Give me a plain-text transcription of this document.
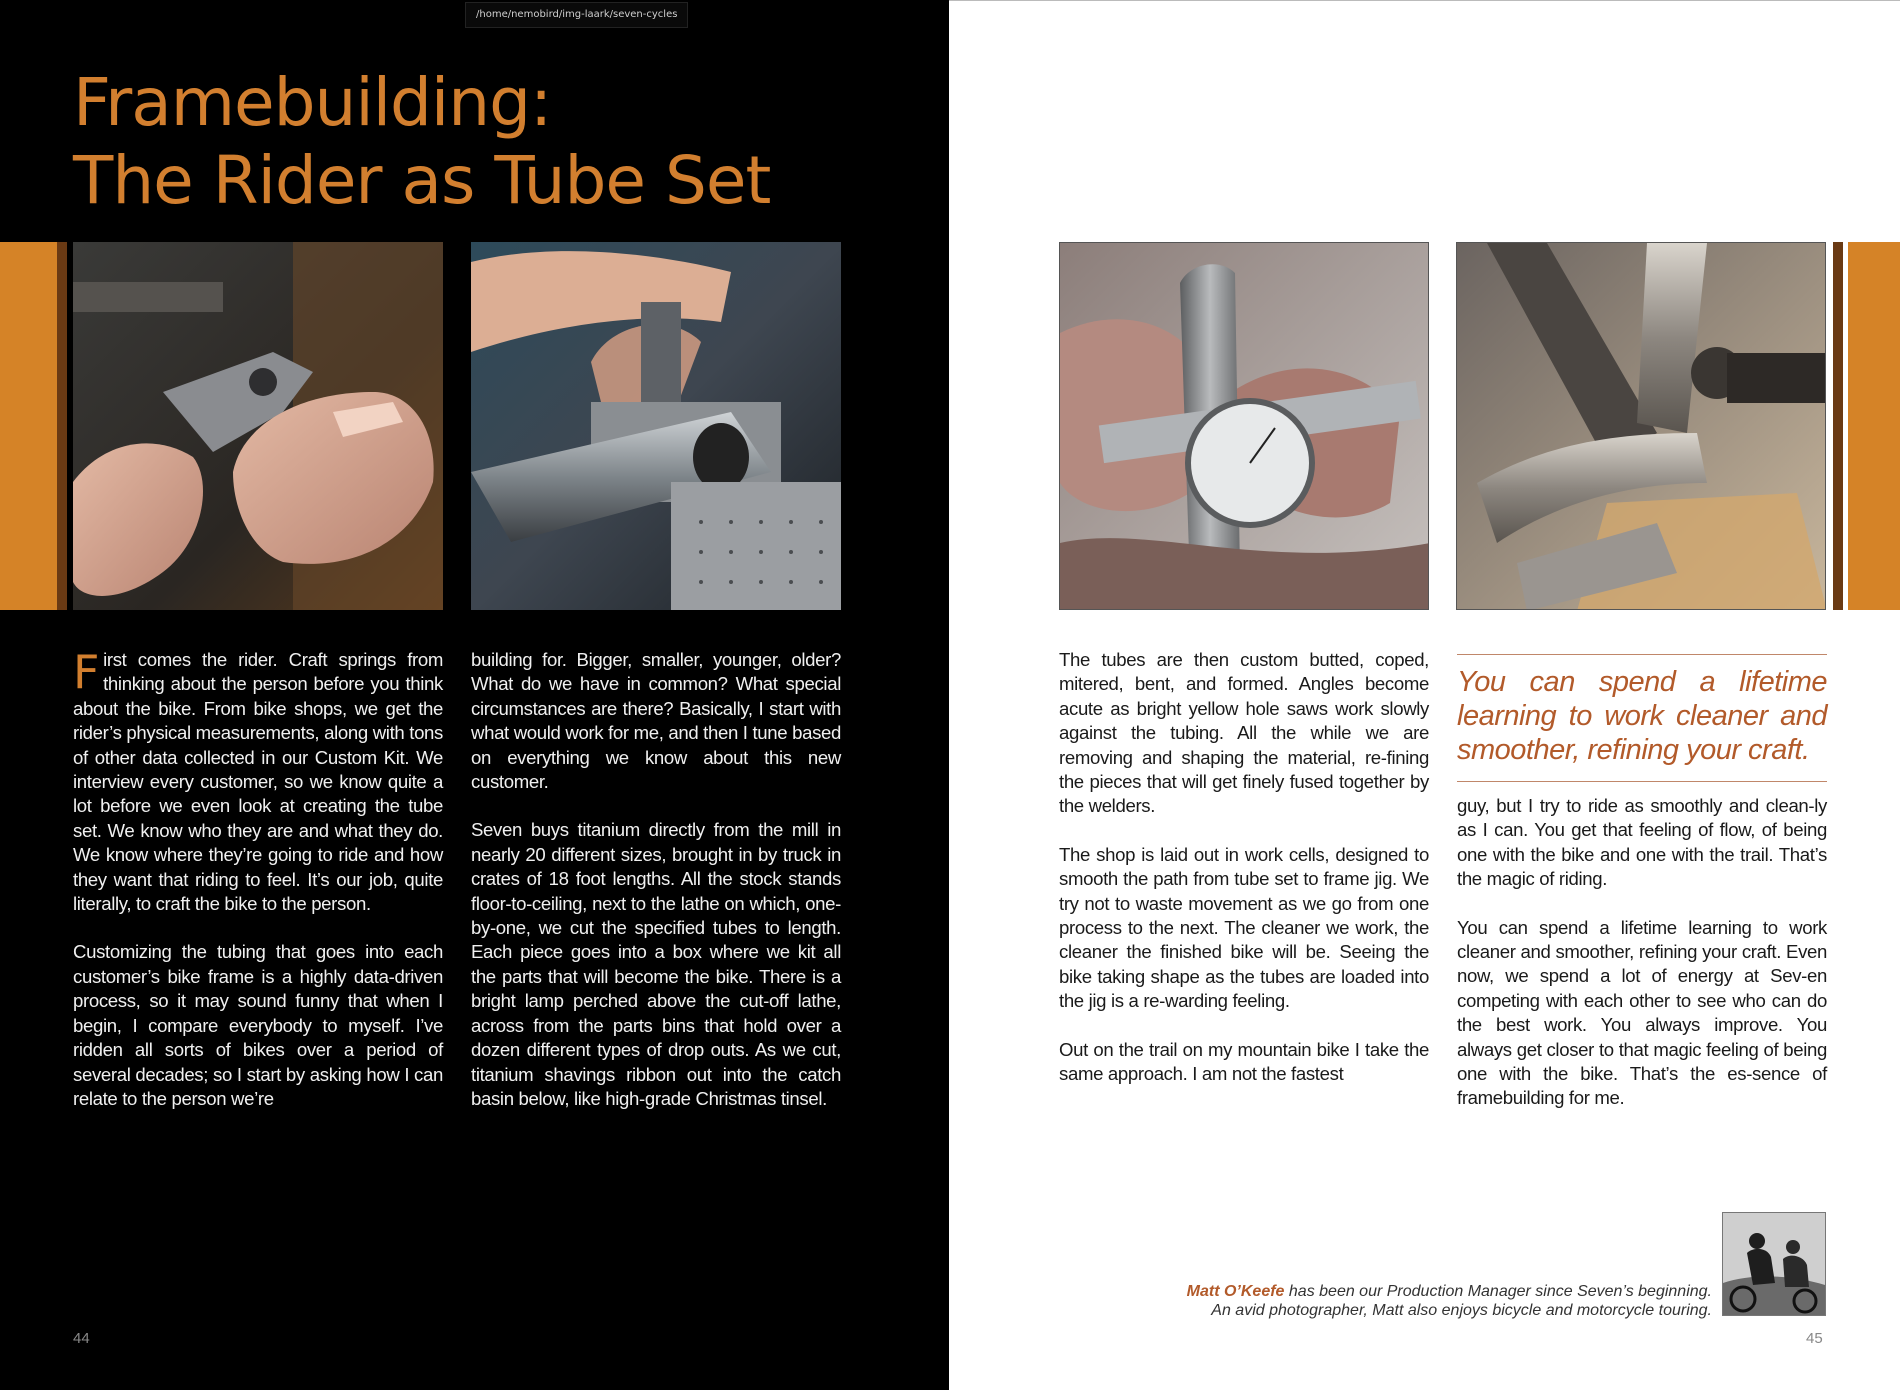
/home/nemobird/img-laark/seven-cycles
Framebuilding:
The Rider as Tube Set

First comes the rider. Craft springs from thinking about the person before you think about the bike. From bike shops, we get the rider’s physical measurements, along with tons of other data collected in our Custom Kit. We interview every customer, so we know quite a lot before we even look at creating the tube set. We know who they are and what they do. We know where they’re going to ride and how they want that riding to feel. It’s our job, quite literally, to craft the bike to the person.

Customizing the tubing that goes into each customer’s bike frame is a highly data-driven process, so it may sound funny that when I begin, I compare everybody to myself. I’ve ridden all sorts of bikes over a period of several decades; so I start by asking how I can relate to the person we’re

building for. Bigger, smaller, younger, older? What do we have in common? What special circumstances are there? Basically, I start with what would work for me, and then I tune based on everything we know about this new customer.

Seven buys titanium directly from the mill in nearly 20 different sizes, brought in by truck in crates of 18 foot lengths. All the stock stands floor-to-ceiling, next to the lathe on which, one-by-one, we cut the specified tubes to length. Each piece goes into a box where we kit all the parts that will become the bike. There is a bright lamp perched above the cut-off lathe, across from the parts bins that hold over a dozen different types of drop outs. As we cut, titanium shavings ribbon out into the catch basin below, like high-grade Christmas tinsel.

The tubes are then custom butted, coped, mitered, bent, and formed. Angles become acute as bright yellow hole saws work slowly against the tubing. All the while we are removing and shaping the material, re-fining the pieces that will get finely fused together by the welders.

The shop is laid out in work cells, designed to smooth the path from tube set to frame jig. We try not to waste movement as we go from one process to the next. The cleaner we work, the cleaner the finished bike will be. Seeing the bike taking shape as the tubes are loaded into the jig is a re-warding feeling.

Out on the trail on my mountain bike I take the same approach. I am not the fastest

You can spend a lifetime learning to work cleaner and smoother, refining your craft.

guy, but I try to ride as smoothly and clean-ly as I can. You get that feeling of flow, of being one with the bike and one with the trail. That’s the magic of riding.

You can spend a lifetime learning to work cleaner and smoother, refining your craft. Even now, we spend a lot of energy at Sev-en competing with each other to see who can do the best work. You always improve. You always get closer to that magic feeling of being one with the bike. That’s the es-sence of framebuilding for me.

Matt O’Keefe has been our Production Manager since Seven’s beginning.
An avid photographer, Matt also enjoys bicycle and motorcycle touring.
44	45
